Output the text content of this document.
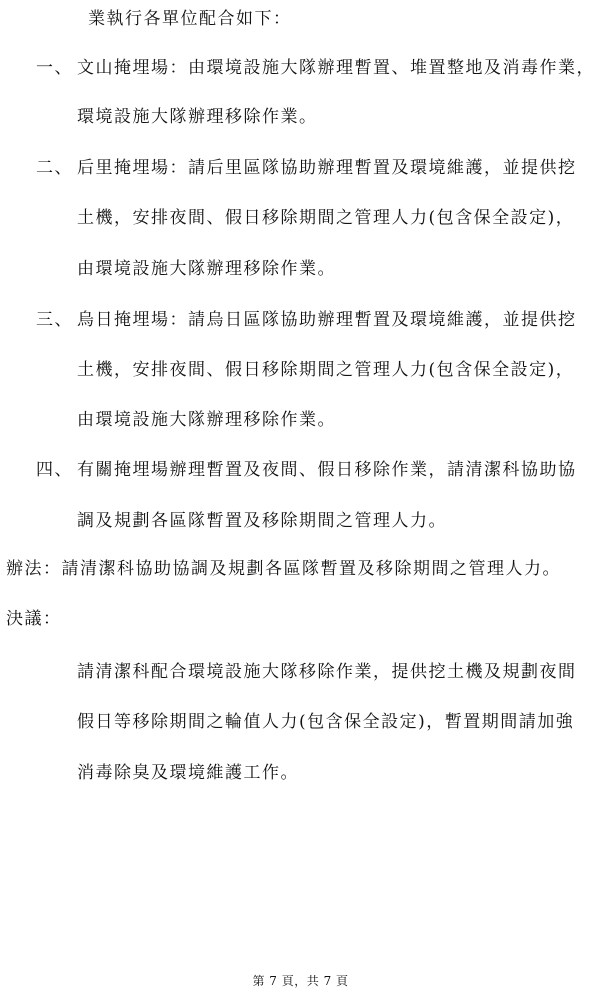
業執行各單位配合如下：
一、 文山掩埋場：由環境設施大隊辦理暫置、堆置整地及消毒作業，
環境設施大隊辦理移除作業。
二、 后里掩埋場：請后里區隊協助辦理暫置及環境維護，並提供挖
土機，安排夜間、假日移除期間之管理人力(包含保全設定)，
由環境設施大隊辦理移除作業。
三、 烏日掩埋場：請烏日區隊協助辦理暫置及環境維護，並提供挖
土機，安排夜間、假日移除期間之管理人力(包含保全設定)，
由環境設施大隊辦理移除作業。
四、 有關掩埋場辦理暫置及夜間、假日移除作業，請清潔科協助協
調及規劃各區隊暫置及移除期間之管理人力。
辦法：請清潔科協助協調及規劃各區隊暫置及移除期間之管理人力。
決議：
請清潔科配合環境設施大隊移除作業，提供挖土機及規劃夜間
假日等移除期間之輪值人力(包含保全設定)，暫置期間請加強
消毒除臭及環境維護工作。
第 7 頁，共 7 頁
